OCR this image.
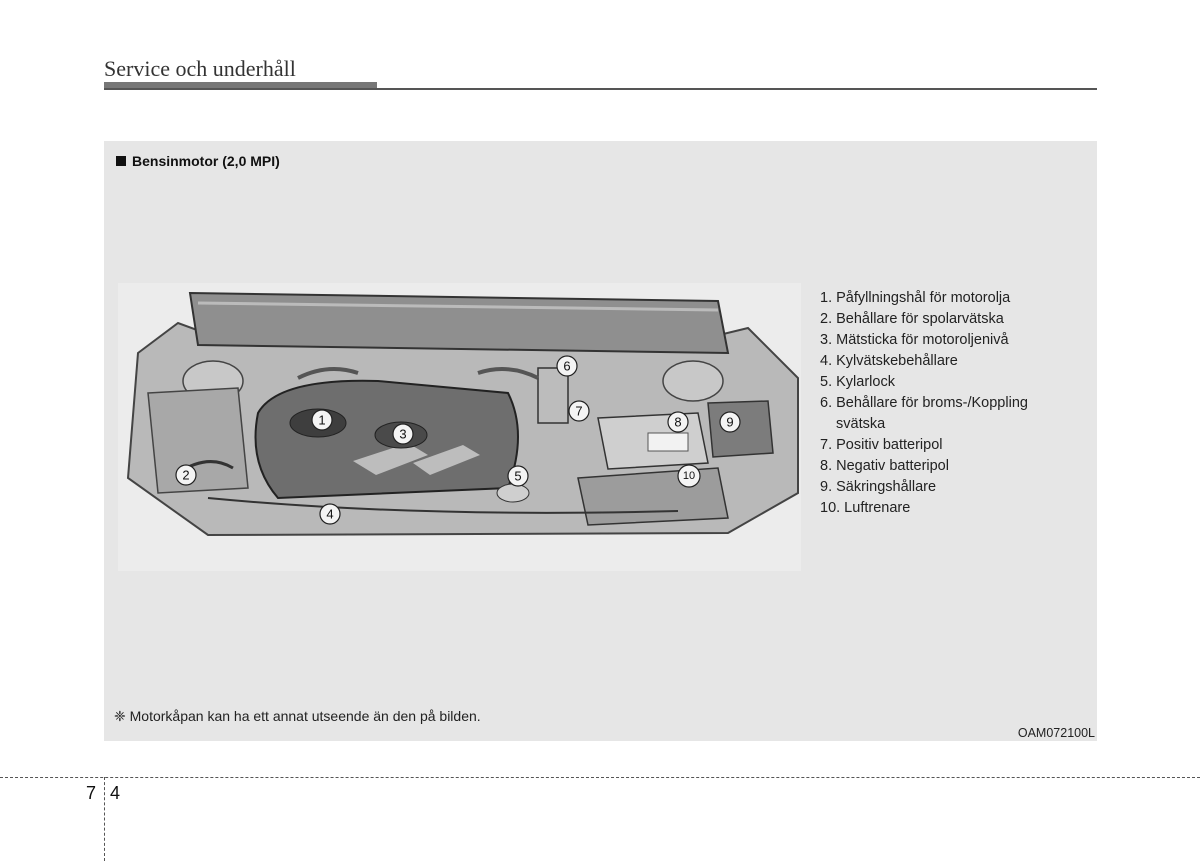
Service och underhåll
Bensinmotor (2,0 MPI)
1
2
3
4
5
6
7
8	9
10
1. Påfyllningshål för motorolja
2. Behållare för spolarvätska
3. Mätsticka för motoroljenivå
4. Kylvätskebehållare
5. Kylarlock
6. Behållare för broms-/Koppling
svätska
7. Positiv batteripol
8. Negativ batteripol
9. Säkringshållare
10. Luftrenare
❈ Motorkåpan kan ha ett annat utseende än den på bilden.
OAM072100L
7 4
